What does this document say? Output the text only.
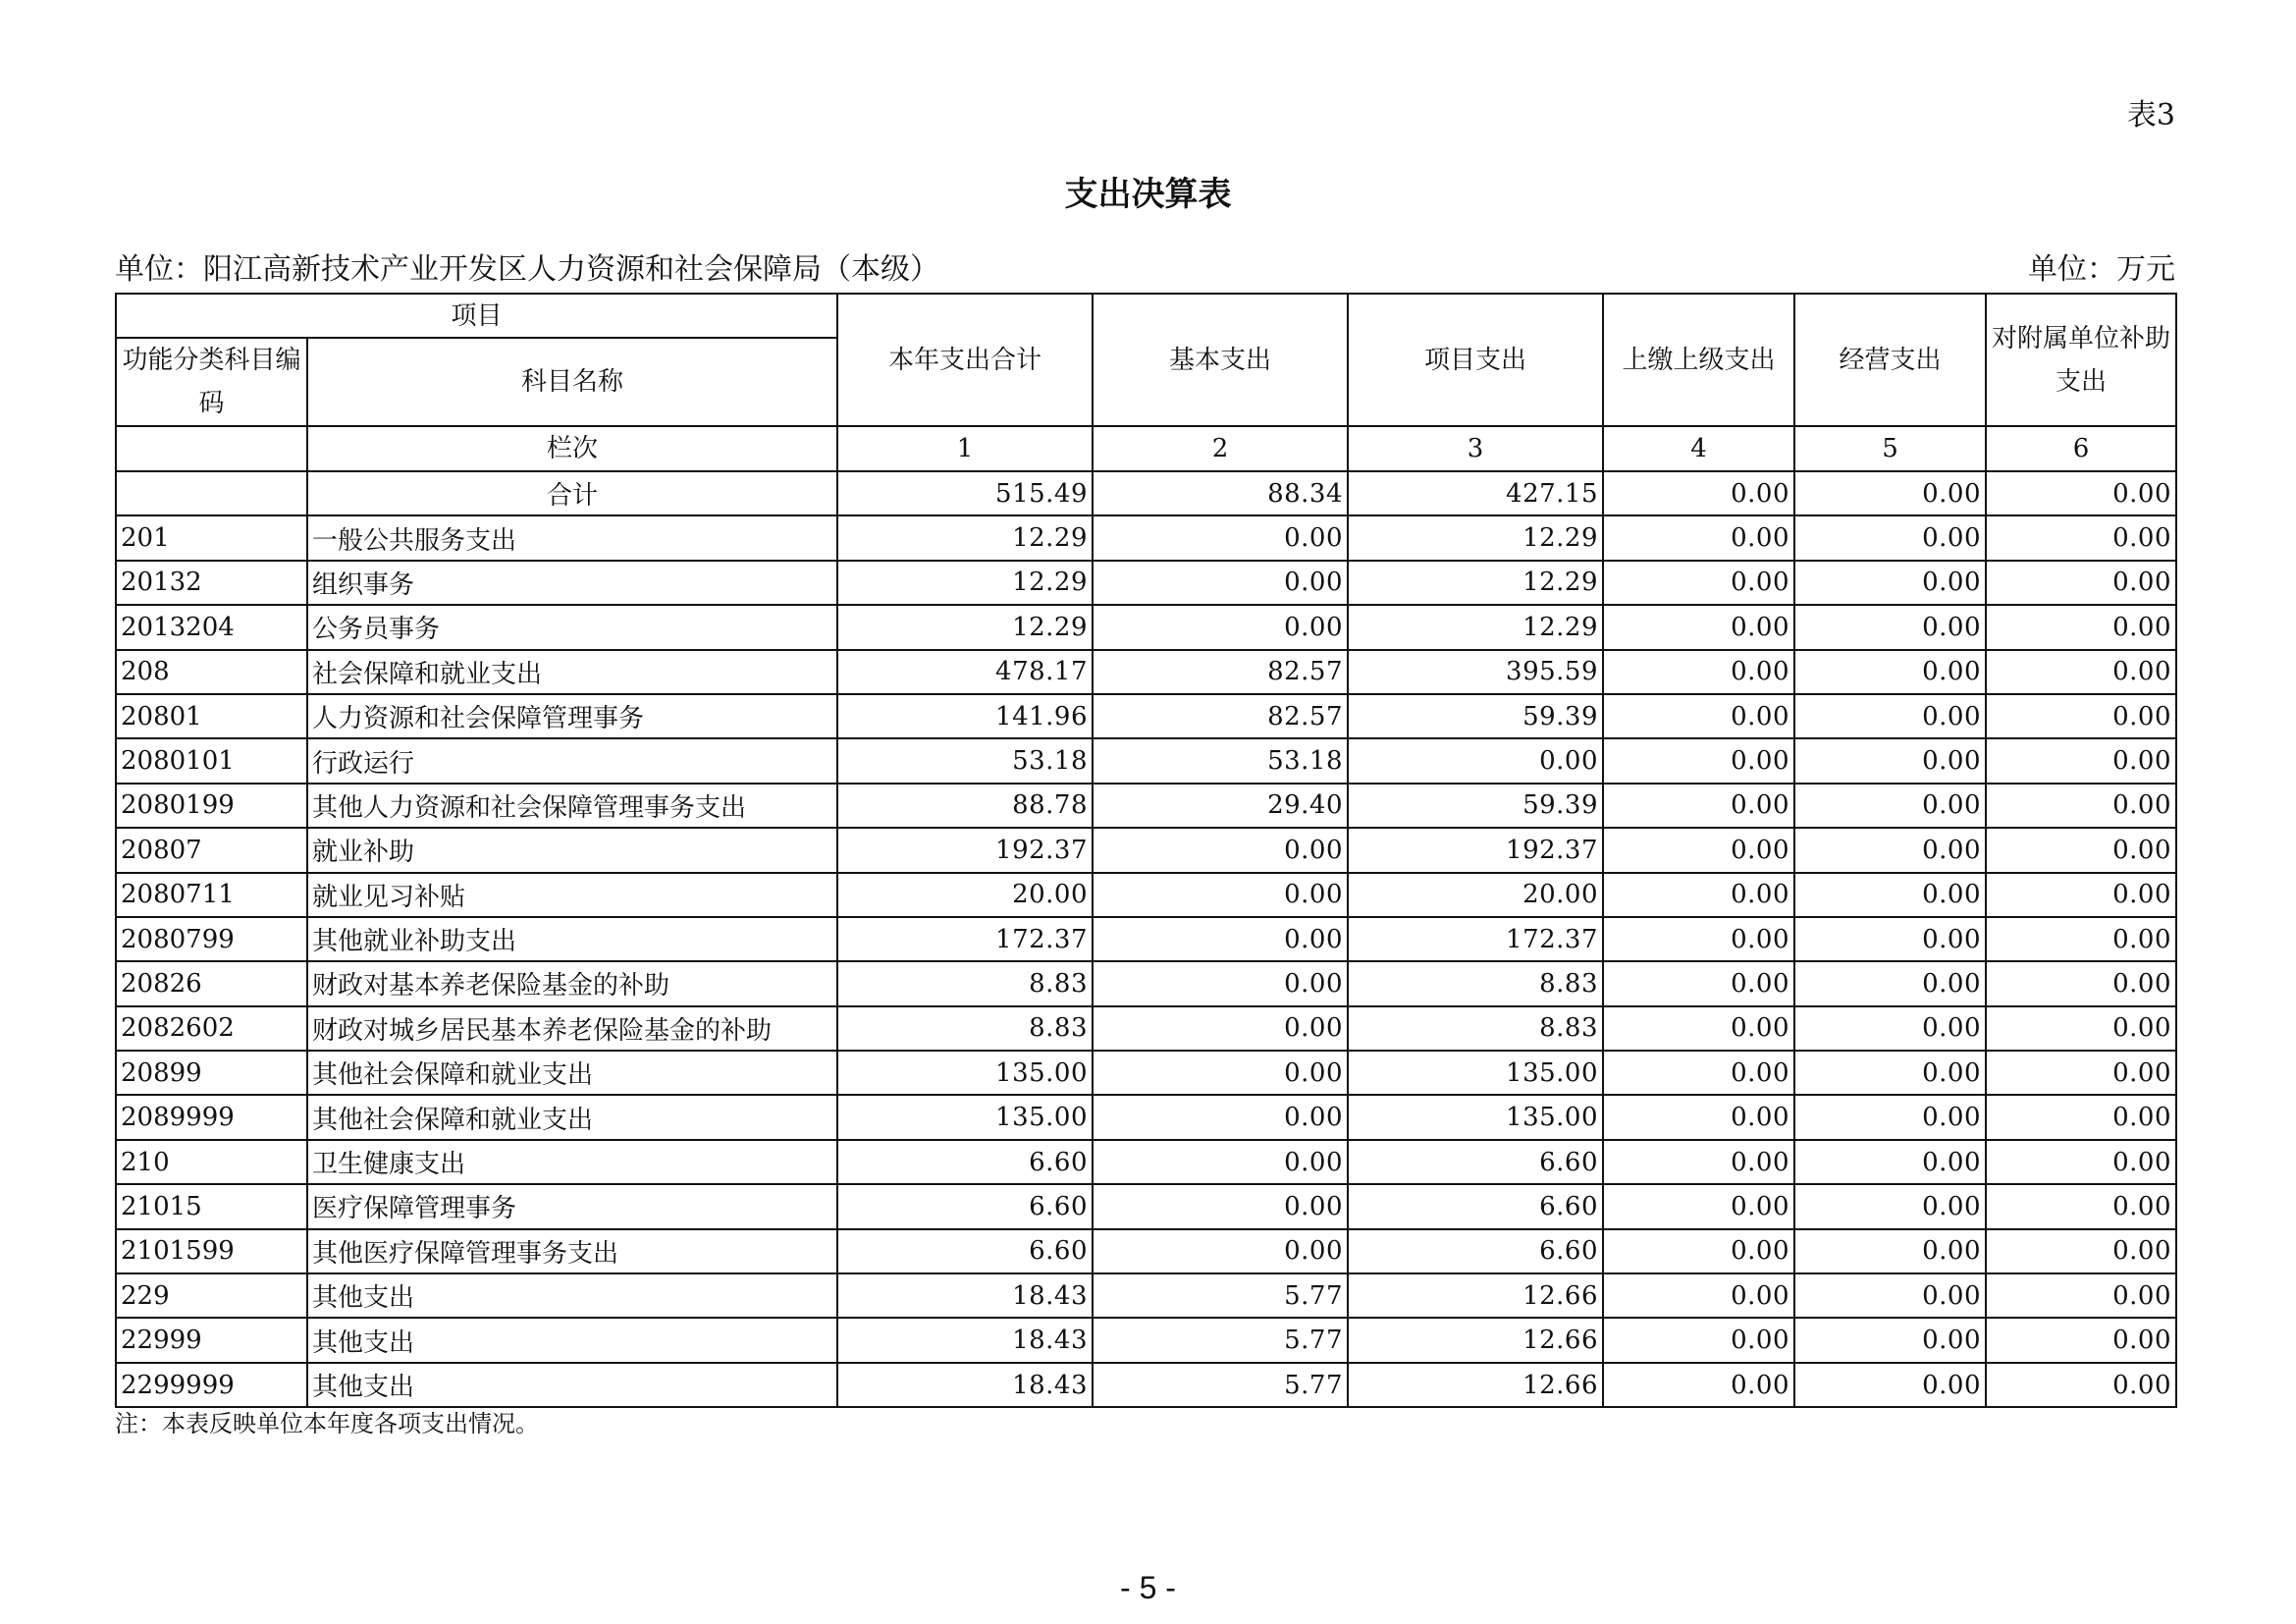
表3
支出决算表
单位：阳江高新技术产业开发区人力资源和社会保障局（本级）	单位：万元
项目		本年支出合计	基本支出	项目支出	上缴上级支出	经营支出	对附属单位补助支出
功能分类科目编码	科目名称						
	栏次	1	2	3	4	5	6
	合计	515.49	88.34	427.15	0.00	0.00	0.00
201	一般公共服务支出	12.29	0.00	12.29	0.00	0.00	0.00
20132	组织事务	12.29	0.00	12.29	0.00	0.00	0.00
2013204	公务员事务	12.29	0.00	12.29	0.00	0.00	0.00
208	社会保障和就业支出	478.17	82.57	395.59	0.00	0.00	0.00
20801	人力资源和社会保障管理事务	141.96	82.57	59.39	0.00	0.00	0.00
2080101	行政运行	53.18	53.18	0.00	0.00	0.00	0.00
2080199	其他人力资源和社会保障管理事务支出	88.78	29.40	59.39	0.00	0.00	0.00
20807	就业补助	192.37	0.00	192.37	0.00	0.00	0.00
2080711	就业见习补贴	20.00	0.00	20.00	0.00	0.00	0.00
2080799	其他就业补助支出	172.37	0.00	172.37	0.00	0.00	0.00
20826	财政对基本养老保险基金的补助	8.83	0.00	8.83	0.00	0.00	0.00
2082602	财政对城乡居民基本养老保险基金的补助	8.83	0.00	8.83	0.00	0.00	0.00
20899	其他社会保障和就业支出	135.00	0.00	135.00	0.00	0.00	0.00
2089999	其他社会保障和就业支出	135.00	0.00	135.00	0.00	0.00	0.00
210	卫生健康支出	6.60	0.00	6.60	0.00	0.00	0.00
21015	医疗保障管理事务	6.60	0.00	6.60	0.00	0.00	0.00
2101599	其他医疗保障管理事务支出	6.60	0.00	6.60	0.00	0.00	0.00
229	其他支出	18.43	5.77	12.66	0.00	0.00	0.00
22999	其他支出	18.43	5.77	12.66	0.00	0.00	0.00
2299999	其他支出	18.43	5.77	12.66	0.00	0.00	0.00
注：本表反映单位本年度各项支出情况。
- 5 -
